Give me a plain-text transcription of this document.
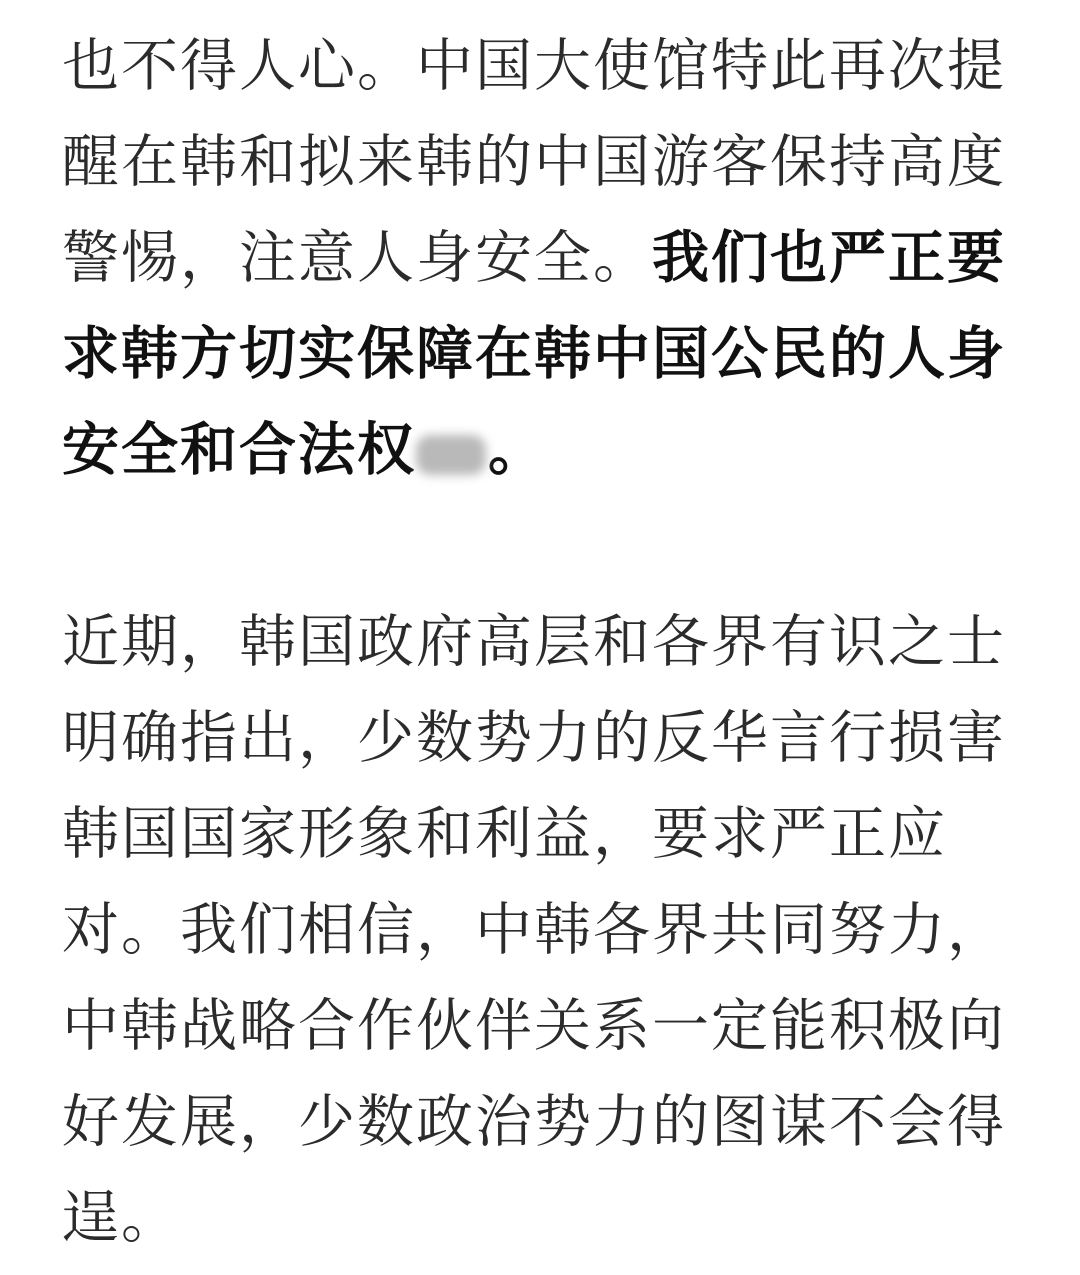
也不得人心。中国大使馆特此再次提
醒在韩和拟来韩的中国游客保持高度
警惕，注意人身安全。我们也严正要
求韩方切实保障在韩中国公民的人身
安全和合法权 。

近期，韩国政府高层和各界有识之士
明确指出，少数势力的反华言行损害
韩国国家形象和利益，要求严正应
对。我们相信，中韩各界共同努力，
中韩战略合作伙伴关系一定能积极向
好发展，少数政治势力的图谋不会得
逞。
